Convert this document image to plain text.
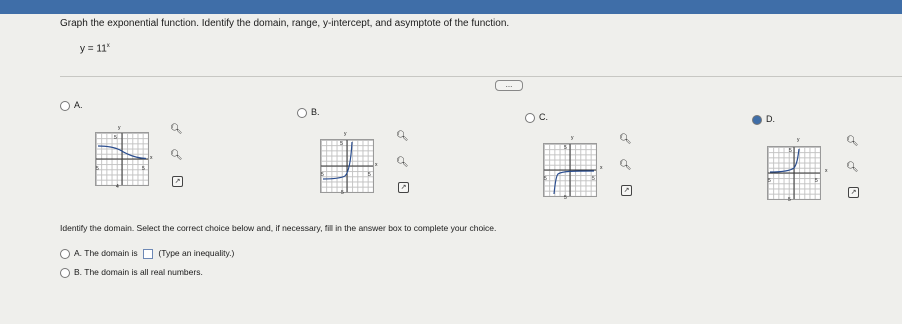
Graph the exponential function. Identify the domain, range, y-intercept, and asymptote of the function.
$y = 11^x$
...
A.
y
x
5
5
5
4
🔍︎
🔍︎
↗
B.
y
x
5
5
5
5
🔍︎
🔍︎
↗
C.
y
x
5
5
5
5
🔍︎
🔍︎
↗
D.
y
x
5
5
5
5
🔍︎
🔍︎
↗
Identify the domain. Select the correct choice below and, if necessary, fill in the answer box to complete your choice.
A. The domain is (Type an inequality.)
B. The domain is all real numbers.
